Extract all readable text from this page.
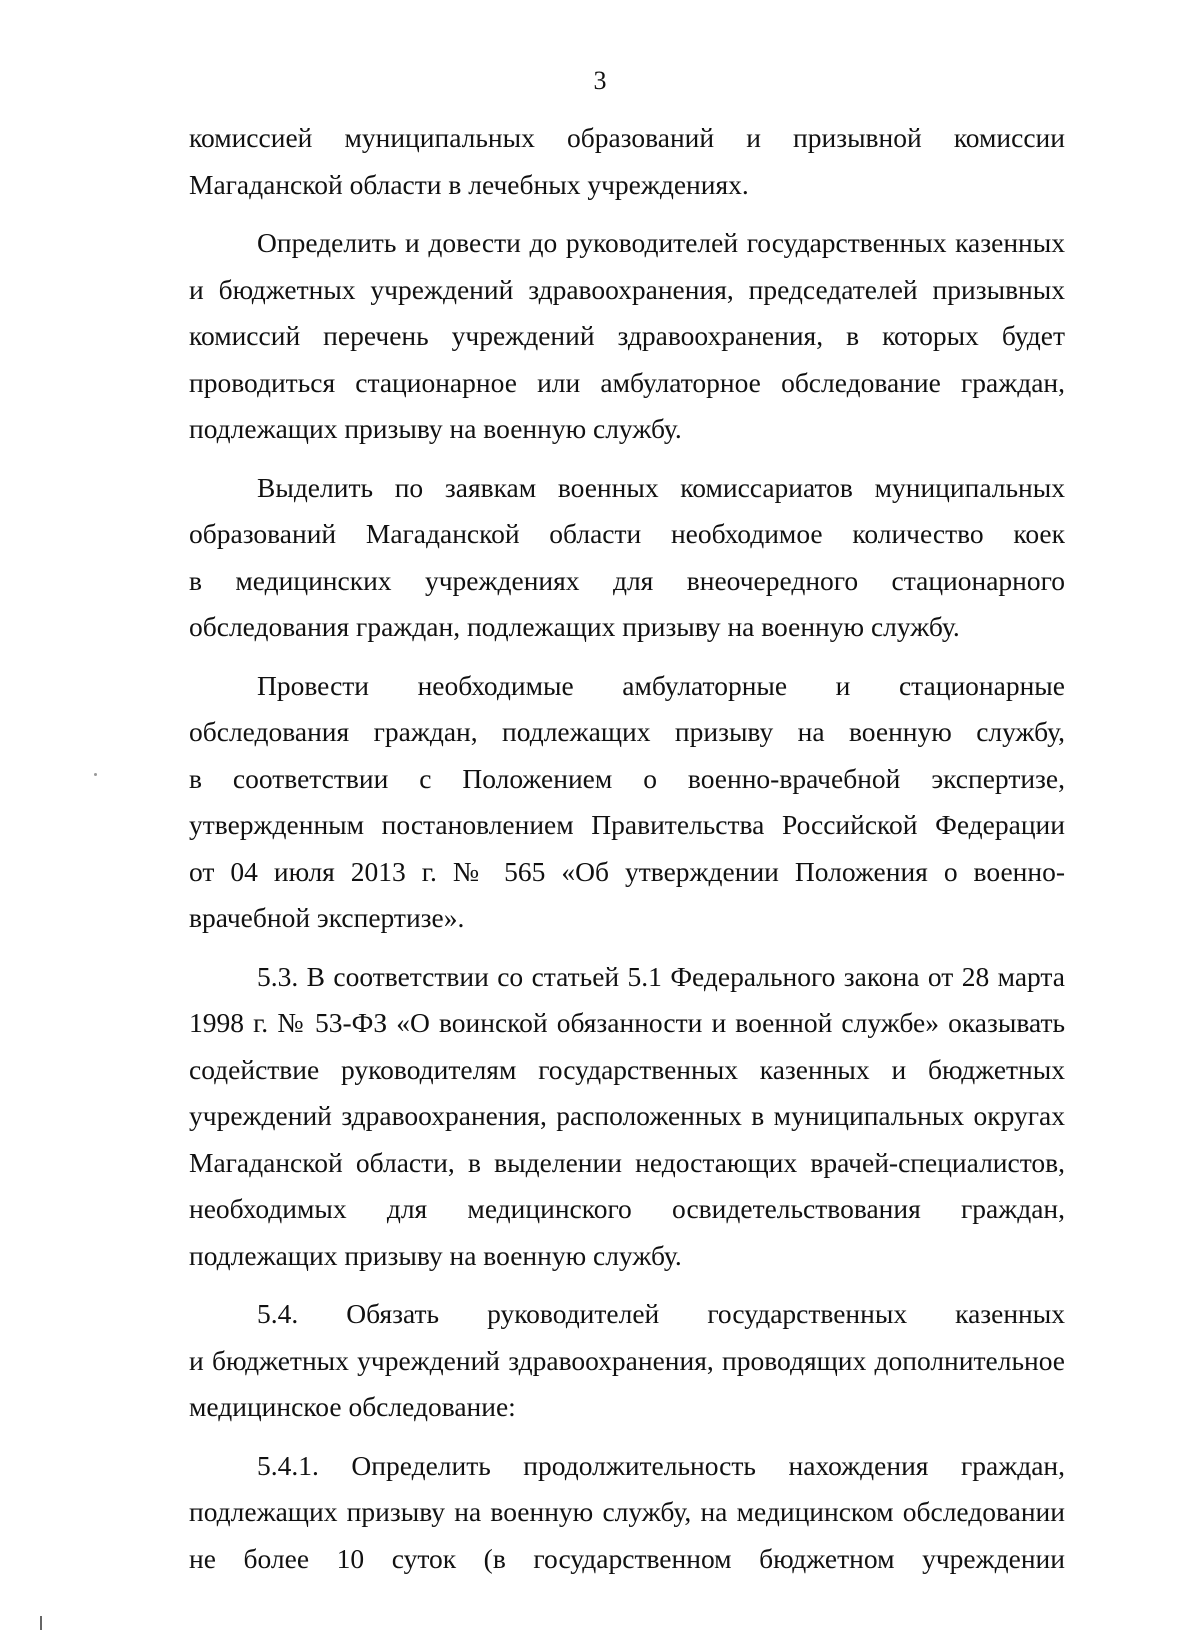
3
комиссией муниципальных образований и призывной комиссии
Магаданской области в лечебных учреждениях.
Определить и довести до руководителей государственных казенных
и бюджетных учреждений здравоохранения, председателей призывных
комиссий перечень учреждений здравоохранения, в которых будет
проводиться стационарное или амбулаторное обследование граждан,
подлежащих призыву на военную службу.
Выделить по заявкам военных комиссариатов муниципальных
образований Магаданской области необходимое количество коек
в медицинских учреждениях для внеочередного стационарного
обследования граждан, подлежащих призыву на военную службу.
Провести необходимые амбулаторные и стационарные
обследования граждан, подлежащих призыву на военную службу,
в соответствии с Положением о военно-врачебной экспертизе,
утвержденным постановлением Правительства Российской Федерации
от 04 июля 2013 г. № 565 «Об утверждении Положения о военно-
врачебной экспертизе».
5.3. В соответствии со статьей 5.1 Федерального закона от 28 марта
1998 г. № 53-ФЗ «О воинской обязанности и военной службе» оказывать
содействие руководителям государственных казенных и бюджетных
учреждений здравоохранения, расположенных в муниципальных округах
Магаданской области, в выделении недостающих врачей-специалистов,
необходимых для медицинского освидетельствования граждан,
подлежащих призыву на военную службу.
5.4. Обязать руководителей государственных казенных
и бюджетных учреждений здравоохранения, проводящих дополнительное
медицинское обследование:
5.4.1. Определить продолжительность нахождения граждан,
подлежащих призыву на военную службу, на медицинском обследовании
не более 10 суток (в государственном бюджетном учреждении
